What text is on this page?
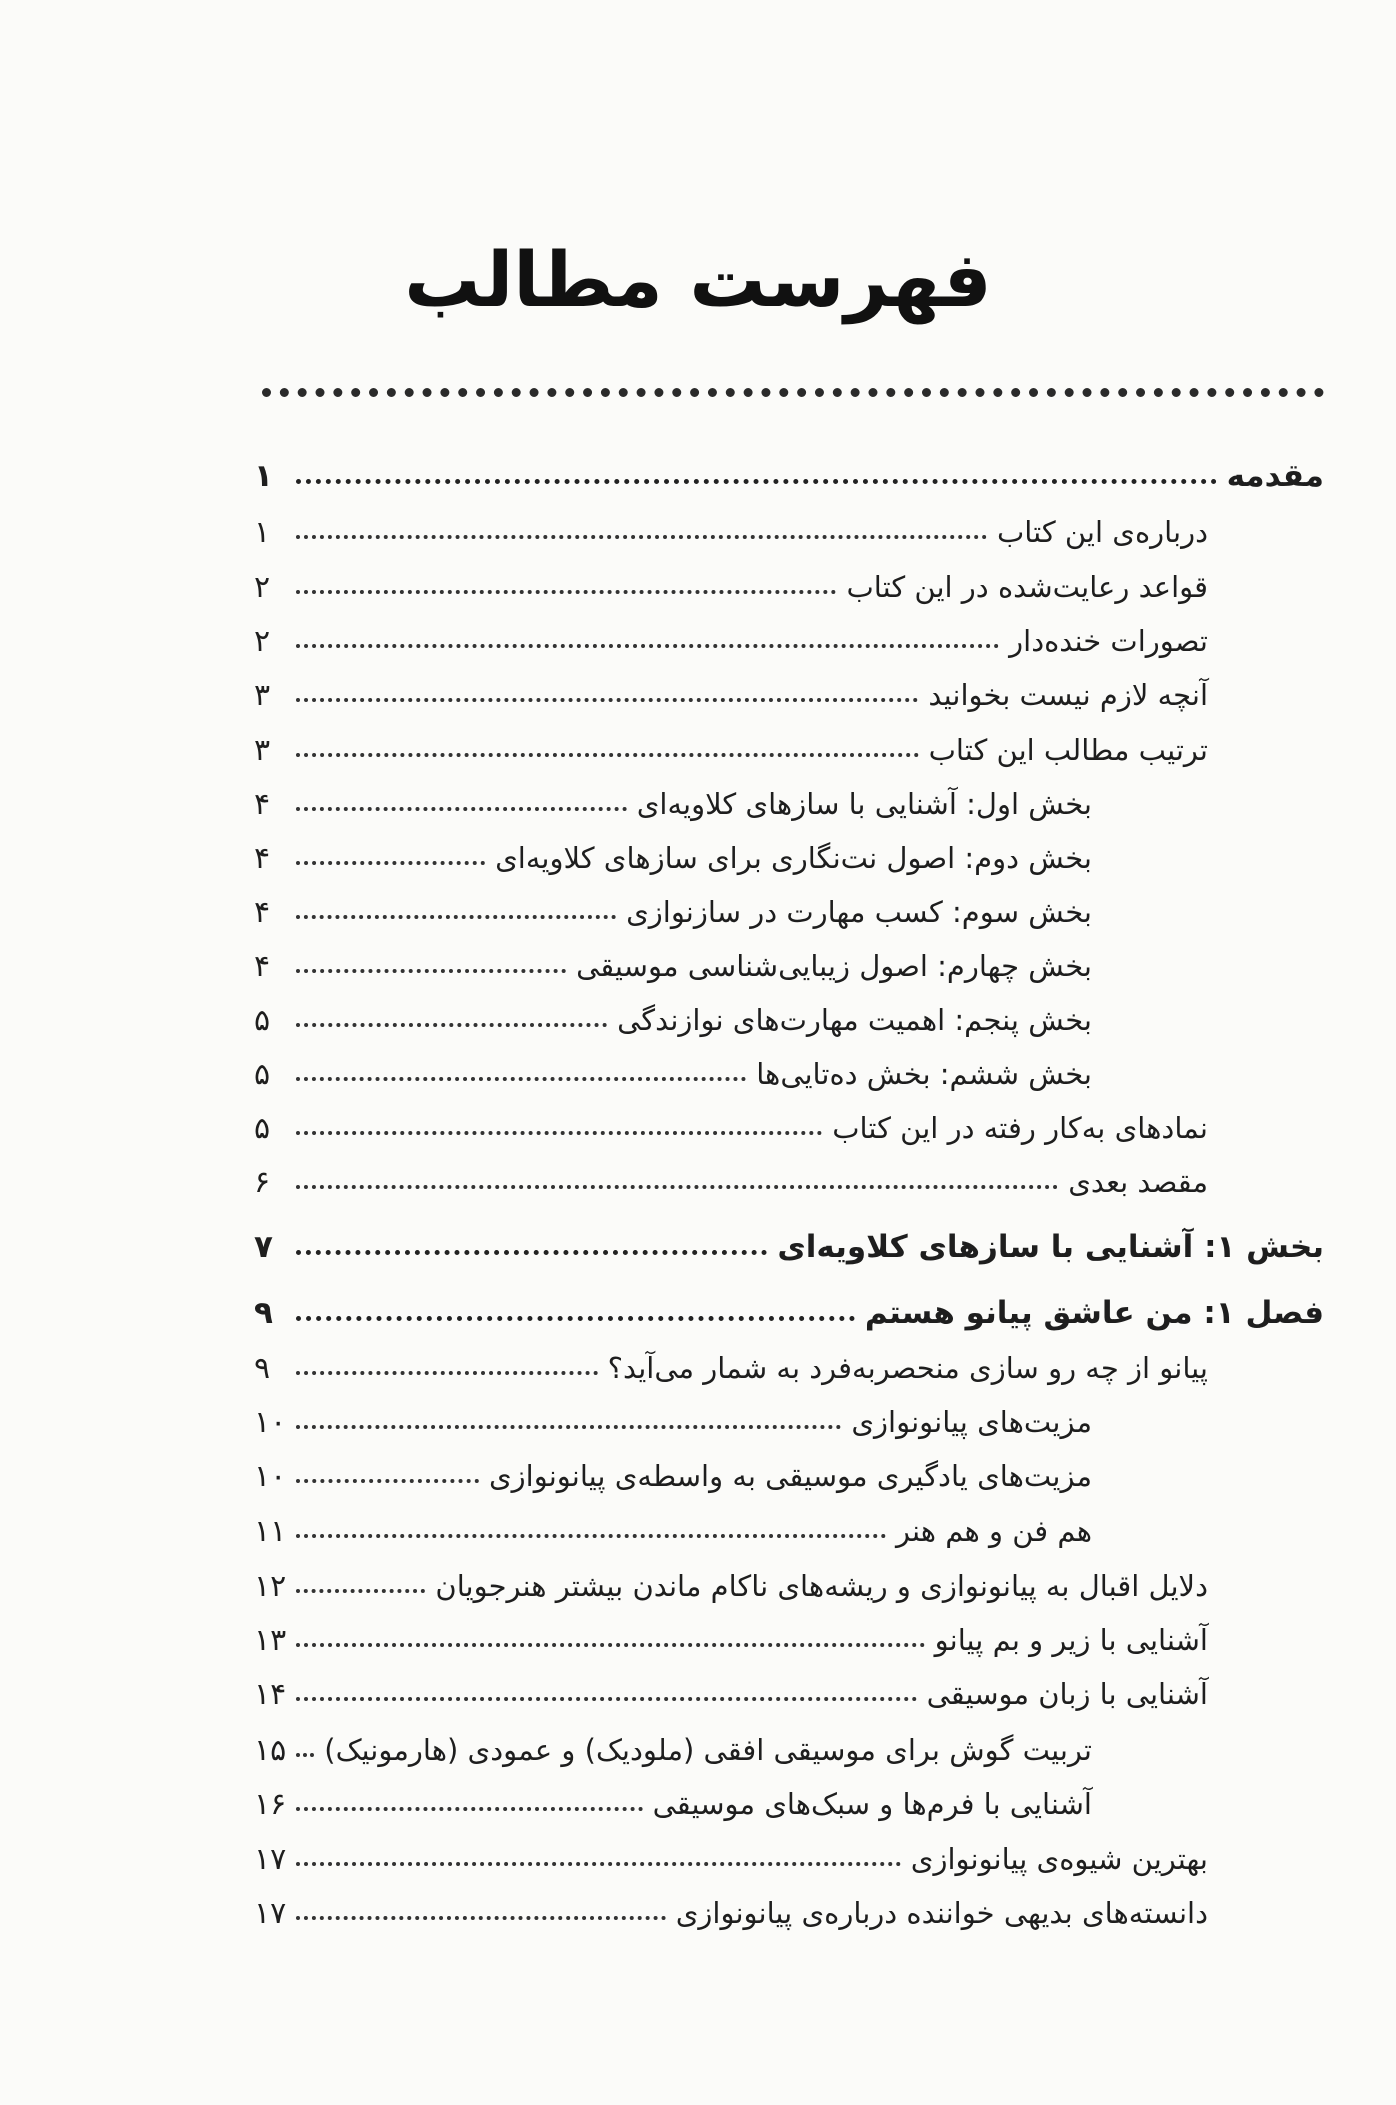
فهرست مطالب
مقدمه
۱
درباره‌ی این کتاب
۱
قواعد رعایت‌شده در این کتاب
۲
تصورات خنده‌دار
۲
آنچه لازم نیست بخوانید
۳
ترتیب مطالب این کتاب
۳
بخش اول: آشنایی با سازهای کلاویه‌ای
۴
بخش دوم: اصول نت‌نگاری برای سازهای کلاویه‌ای
۴
بخش سوم: کسب مهارت در سازنوازی
۴
بخش چهارم: اصول زیبایی‌شناسی موسیقی
۴
بخش پنجم: اهمیت مهارت‌های نوازندگی
۵
بخش ششم: بخش ده‌تایی‌ها
۵
نمادهای به‌کار رفته در این کتاب
۵
مقصد بعدی
۶
بخش ۱: آشنایی با سازهای کلاویه‌ای
۷
فصل ۱: من عاشق پیانو هستم
۹
پیانو از چه رو سازی منحصربه‌فرد به شمار می‌آید؟
۹
مزیت‌های پیانونوازی
۱۰
مزیت‌های یادگیری موسیقی به واسطه‌ی پیانونوازی
۱۰
هم فن و هم هنر
۱۱
دلایل اقبال به پیانونوازی و ریشه‌های ناکام ماندن بیشتر هنرجویان
۱۲
آشنایی با زیر و بم پیانو
۱۳
آشنایی با زبان موسیقی
۱۴
تربیت گوش برای موسیقی افقی (ملودیک) و عمودی (هارمونیک)
۱۵
آشنایی با فرم‌ها و سبک‌های موسیقی
۱۶
بهترین شیوه‌ی پیانونوازی
۱۷
دانسته‌های بدیهی خواننده درباره‌ی پیانونوازی
۱۷
